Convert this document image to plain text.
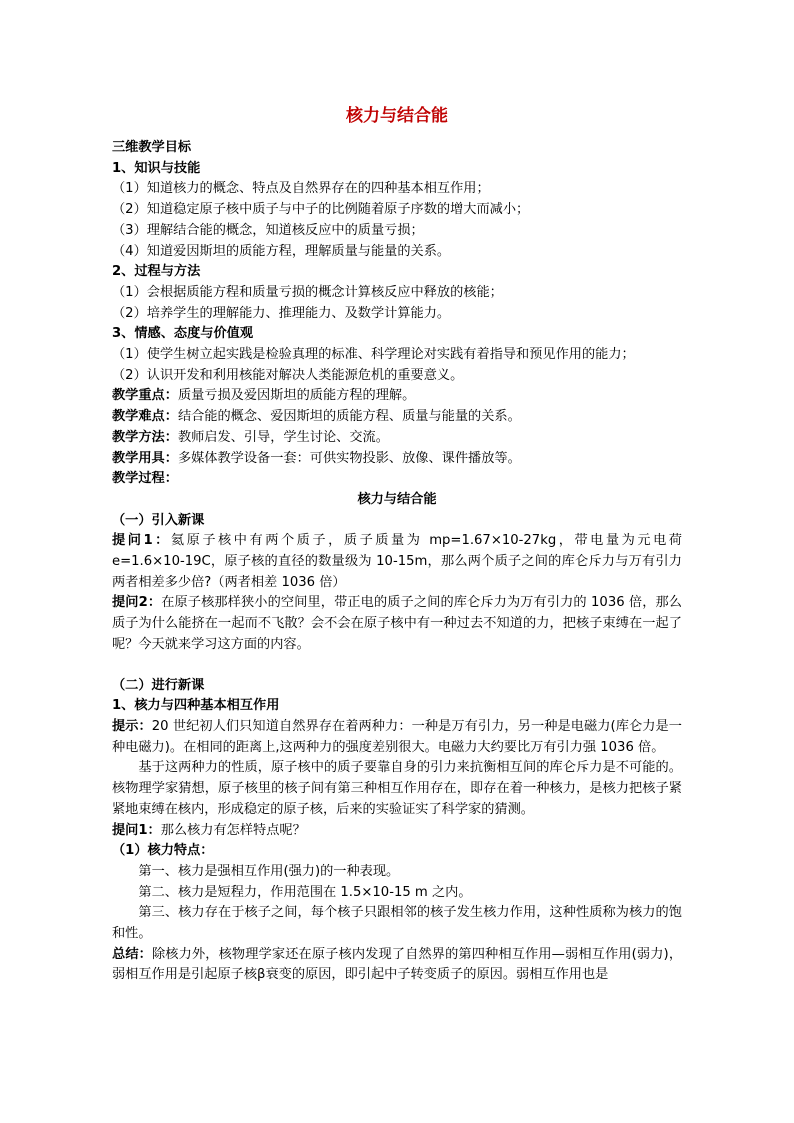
核力与结合能
三维教学目标
1、知识与技能
（1）知道核力的概念、特点及自然界存在的四种基本相互作用；
（2）知道稳定原子核中质子与中子的比例随着原子序数的增大而减小；
（3）理解结合能的概念，知道核反应中的质量亏损；
（4）知道爱因斯坦的质能方程，理解质量与能量的关系。
2、过程与方法
（1）会根据质能方程和质量亏损的概念计算核反应中释放的核能；
（2）培养学生的理解能力、推理能力、及数学计算能力。
3、情感、态度与价值观
（1）使学生树立起实践是检验真理的标准、科学理论对实践有着指导和预见作用的能力；
（2）认识开发和利用核能对解决人类能源危机的重要意义。
教学重点：质量亏损及爱因斯坦的质能方程的理解。
教学难点：结合能的概念、爱因斯坦的质能方程、质量与能量的关系。
教学方法：教师启发、引导，学生讨论、交流。
教学用具：多媒体教学设备一套：可供实物投影、放像、课件播放等。
教学过程：
核力与结合能
（一）引入新课
提问1：氦原子核中有两个质子，质子质量为 mp=1.67×10-27kg，带电量为元电荷 e=1.6×10-19C，原子核的直径的数量级为 10-15m，那么两个质子之间的库仑斥力与万有引力两者相差多少倍?（两者相差 1036 倍）
提问2：在原子核那样狭小的空间里，带正电的质子之间的库仑斥力为万有引力的 1036 倍，那么质子为什么能挤在一起而不飞散？会不会在原子核中有一种过去不知道的力，把核子束缚在一起了呢？今天就来学习这方面的内容。
（二）进行新课
1、核力与四种基本相互作用
提示：20 世纪初人们只知道自然界存在着两种力：一种是万有引力，另一种是电磁力(库仑力是一种电磁力)。在相同的距离上,这两种力的强度差别很大。电磁力大约要比万有引力强 1036 倍。
基于这两种力的性质，原子核中的质子要靠自身的引力来抗衡相互间的库仑斥力是不可能的。核物理学家猜想，原子核里的核子间有第三种相互作用存在，即存在着一种核力，是核力把核子紧紧地束缚在核内，形成稳定的原子核，后来的实验证实了科学家的猜测。
提问1：那么核力有怎样特点呢？
（1）核力特点：
第一、核力是强相互作用(强力)的一种表现。
第二、核力是短程力，作用范围在 1.5×10-15 m 之内。
第三、核力存在于核子之间，每个核子只跟相邻的核子发生核力作用，这种性质称为核力的饱和性。
总结：除核力外，核物理学家还在原子核内发现了自然界的第四种相互作用—弱相互作用(弱力)，弱相互作用是引起原子核β衰变的原因，即引起中子转变质子的原因。弱相互作用也是
